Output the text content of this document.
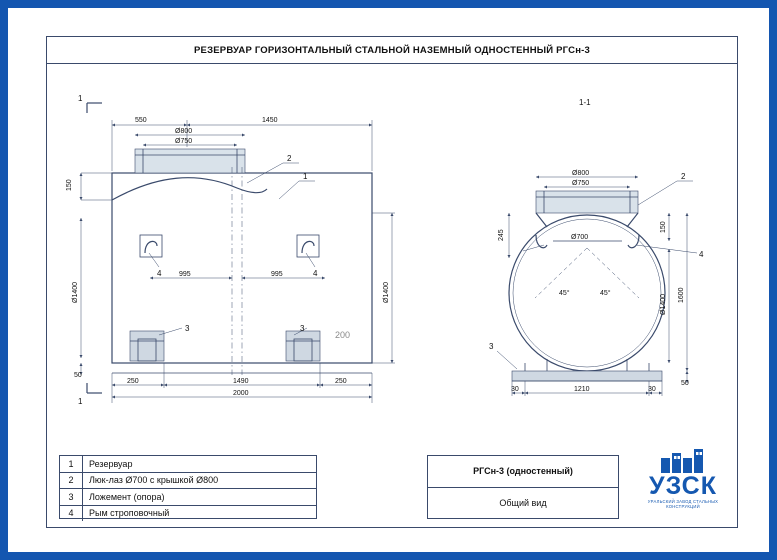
РЕЗЕРВУАР ГОРИЗОНТАЛЬНЫЙ СТАЛЬНОЙ НАЗЕМНЫЙ ОДНОСТЕННЫЙ РГСн-3
1
1
550	1450
Ø800
Ø750
150
Ø1400	Ø1400
995	995
200
50
250	1490	250
2000
1
2
4	4
3	3
1-1
Ø700
45°	45°
Ø800
Ø750
245
150
Ø1400 1600
50
30	1210	30
2
4
3
1	Резервуар
2	Люк-лаз Ø700 с крышкой Ø800
3	Ложемент (опора)
4	Рым строповочный
РГСн-3 (одностенный)
Общий вид
УЗСК
УРАЛЬСКИЙ ЗАВОД СТАЛЬНЫХ КОНСТРУКЦИЙ
